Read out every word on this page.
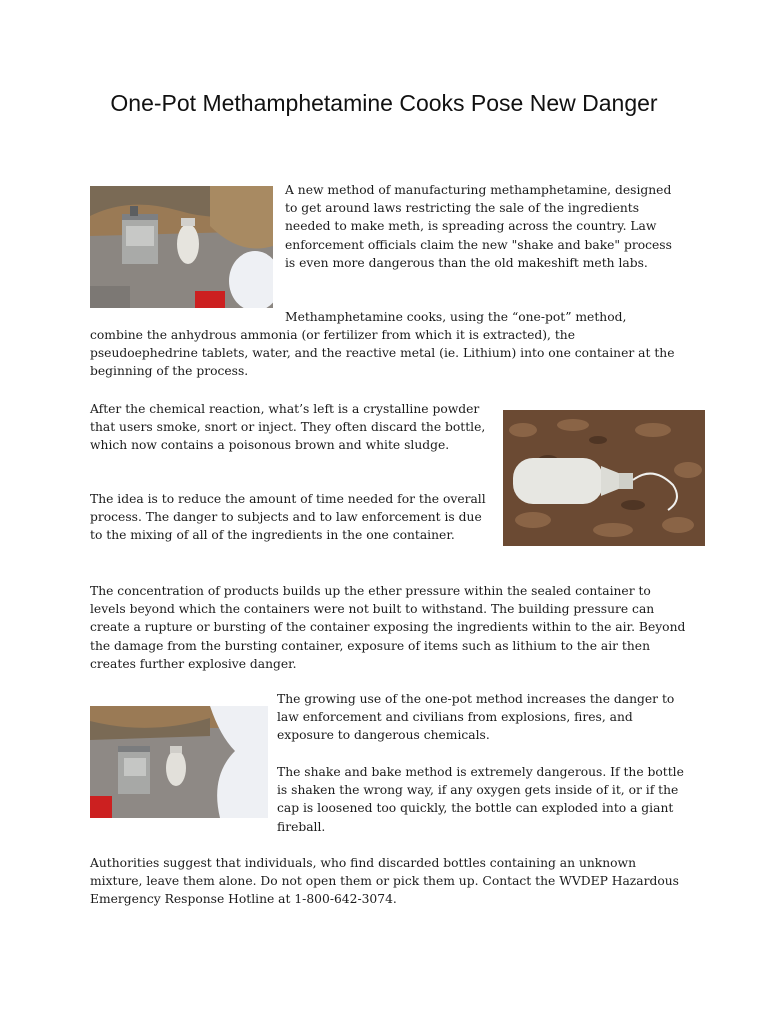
One-Pot Methamphetamine Cooks Pose New Danger

A new method of manufacturing methamphetamine, designed to get around laws restricting the sale of the ingredients needed to make meth, is spreading across the country. Law enforcement officials claim the new "shake and bake" process is even more dangerous than the old makeshift meth labs.

Methamphetamine cooks, using the “one-pot” method,

combine the anhydrous ammonia (or fertilizer from which it is extracted), the pseudoephedrine tablets, water, and the reactive metal (ie. Lithium) into one container at the beginning of the process.

After the chemical reaction, what’s left is a crystalline powder that users smoke, snort or inject. They often discard the bottle, which now contains a poisonous brown and white sludge.

The idea is to reduce the amount of time needed for the overall process. The danger to subjects and to law enforcement is due to the mixing of all of the ingredients in the one container.

The concentration of products builds up the ether pressure within the sealed container to levels beyond which the containers were not built to withstand. The building pressure can create a rupture or bursting of the container exposing the ingredients within to the air. Beyond the damage from the bursting container, exposure of items such as lithium to the air then creates further explosive danger.

The growing use of the one-pot method increases the danger to law enforcement and civilians from explosions, fires, and exposure to dangerous chemicals.

The shake and bake method is extremely dangerous. If the bottle is shaken the wrong way, if any oxygen gets inside of it, or if the cap is loosened too quickly, the bottle can exploded into a giant fireball.

Authorities suggest that individuals, who find discarded bottles containing an unknown mixture, leave them alone. Do not open them or pick them up. Contact the WVDEP Hazardous Emergency Response Hotline at 1-800-642-3074.
